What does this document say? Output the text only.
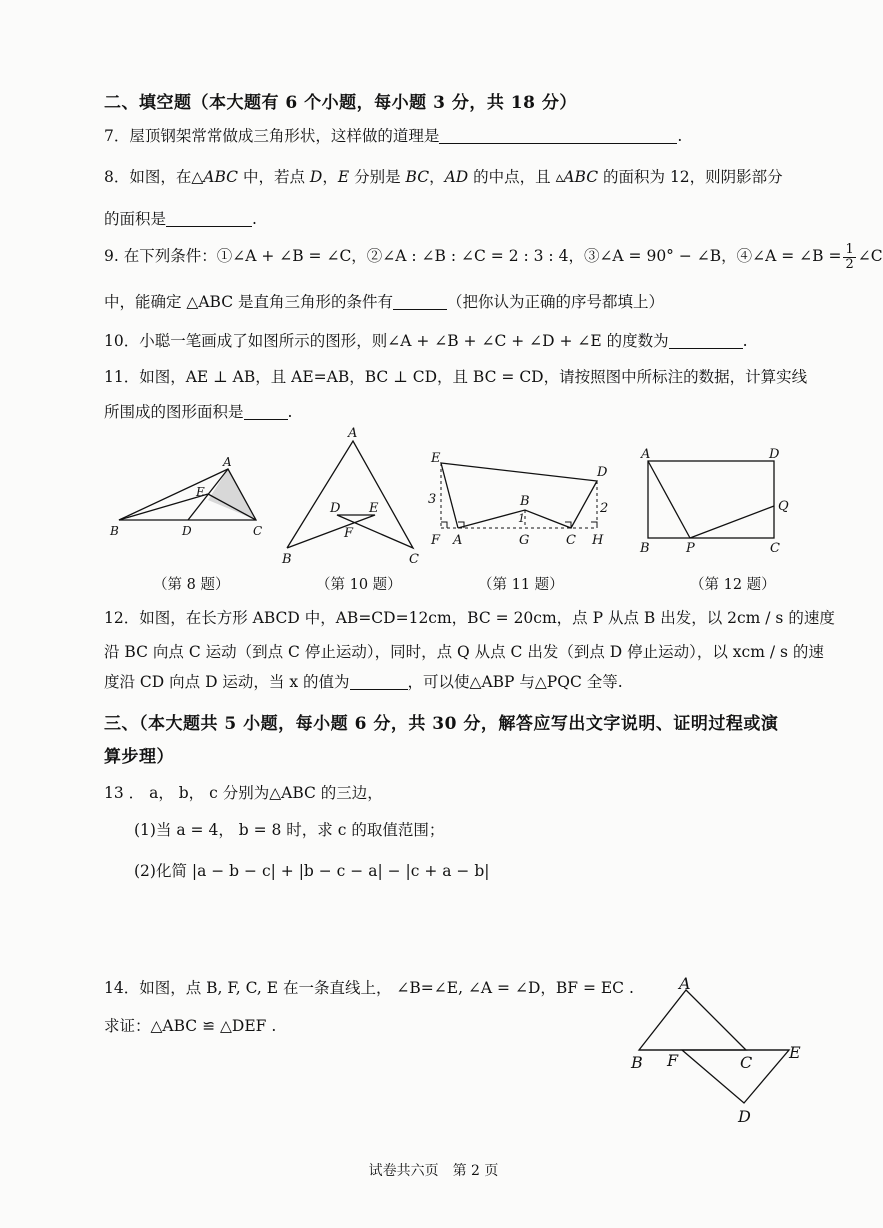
二、填空题（本大题有 6 个小题，每小题 3 分，共 18 分）
7．屋顶钢架常常做成三角形状，这样做的道理是	.
8．如图，在△ABC 中，若点 D，E 分别是 BC，AD 的中点，且 ▵ABC 的面积为 12，则阴影部分
的面积是	.
9. 在下列条件：①∠A + ∠B = ∠C，②∠A : ∠B : ∠C = 2 : 3 : 4，③∠A = 90° − ∠B，④∠A = ∠B = $\frac{1}{2}$ ∠C
中，能确定 △ABC 是直角三角形的条件有	（把你认为正确的序号都填上）
10．小聪一笔画成了如图所示的图形，则∠A + ∠B + ∠C + ∠D + ∠E 的度数为	.
11．如图，AE ⊥ AB，且 AE=AB，BC ⊥ CD，且 BC = CD，请按照图中所标注的数据，计算实线
所围成的图形面积是	.
A
E
B	D	C
A
D E
F
B	C
E
D
B
3
1
2
F A	G	C H
A	D
Q
B	P	C
（第 8 题）	（第 10 题）	（第 11 题）	（第 12 题）
12．如图，在长方形 ABCD 中，AB=CD=12cm，BC = 20cm，点 P 从点 B 出发，以 2cm / s 的速度
沿 BC 向点 C 运动（到点 C 停止运动），同时，点 Q 从点 C 出发（到点 D 停止运动），以 xcm / s 的速
度沿 CD 向点 D 运动，当 x 的值为	，可以使△ABP 与△PQC 全等.
三、（本大题共 5 小题，每小题 6 分，共 30 分，解答应写出文字说明、证明过程或演
算步理）
13 ． a， b， c 分别为△ABC 的三边，
(1)当 a = 4， b = 8 时，求 c 的取值范围；
(2)化简 |a − b − c| + |b − c − a| − |c + a − b|
14．如图，点 B, F, C, E 在一条直线上， ∠B=∠E, ∠A = ∠D，BF = EC .
求证：△ABC ≌ △DEF .
A
B F	C
E
D
试卷共六页　第 2 页
